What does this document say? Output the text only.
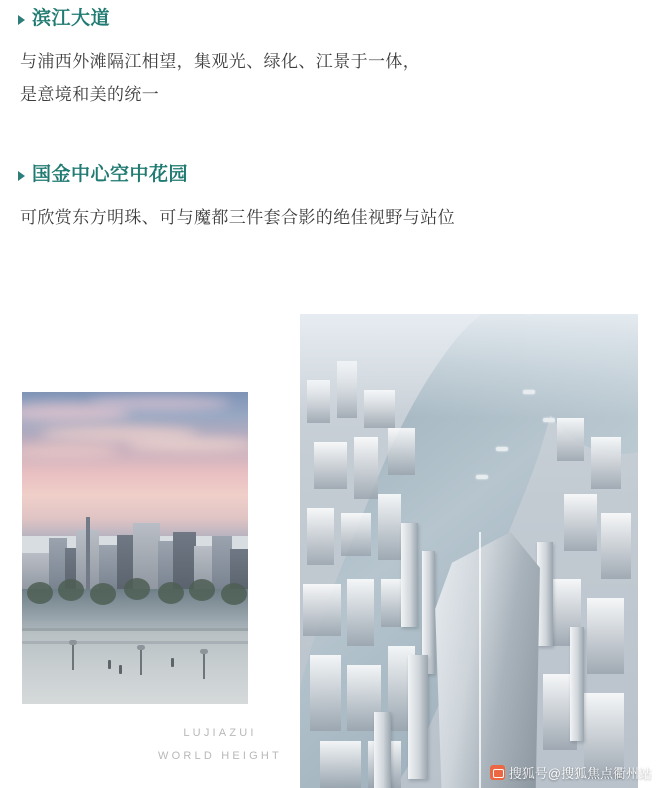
滨江大道

与浦西外滩隔江相望，集观光、绿化、江景于一体，

是意境和美的统一

国金中心空中花园

可欣赏东方明珠、可与魔都三件套合影的绝佳视野与站位

LUJIAZUI
WORLD HEIGHT
搜狐号@搜狐焦点衢州站
